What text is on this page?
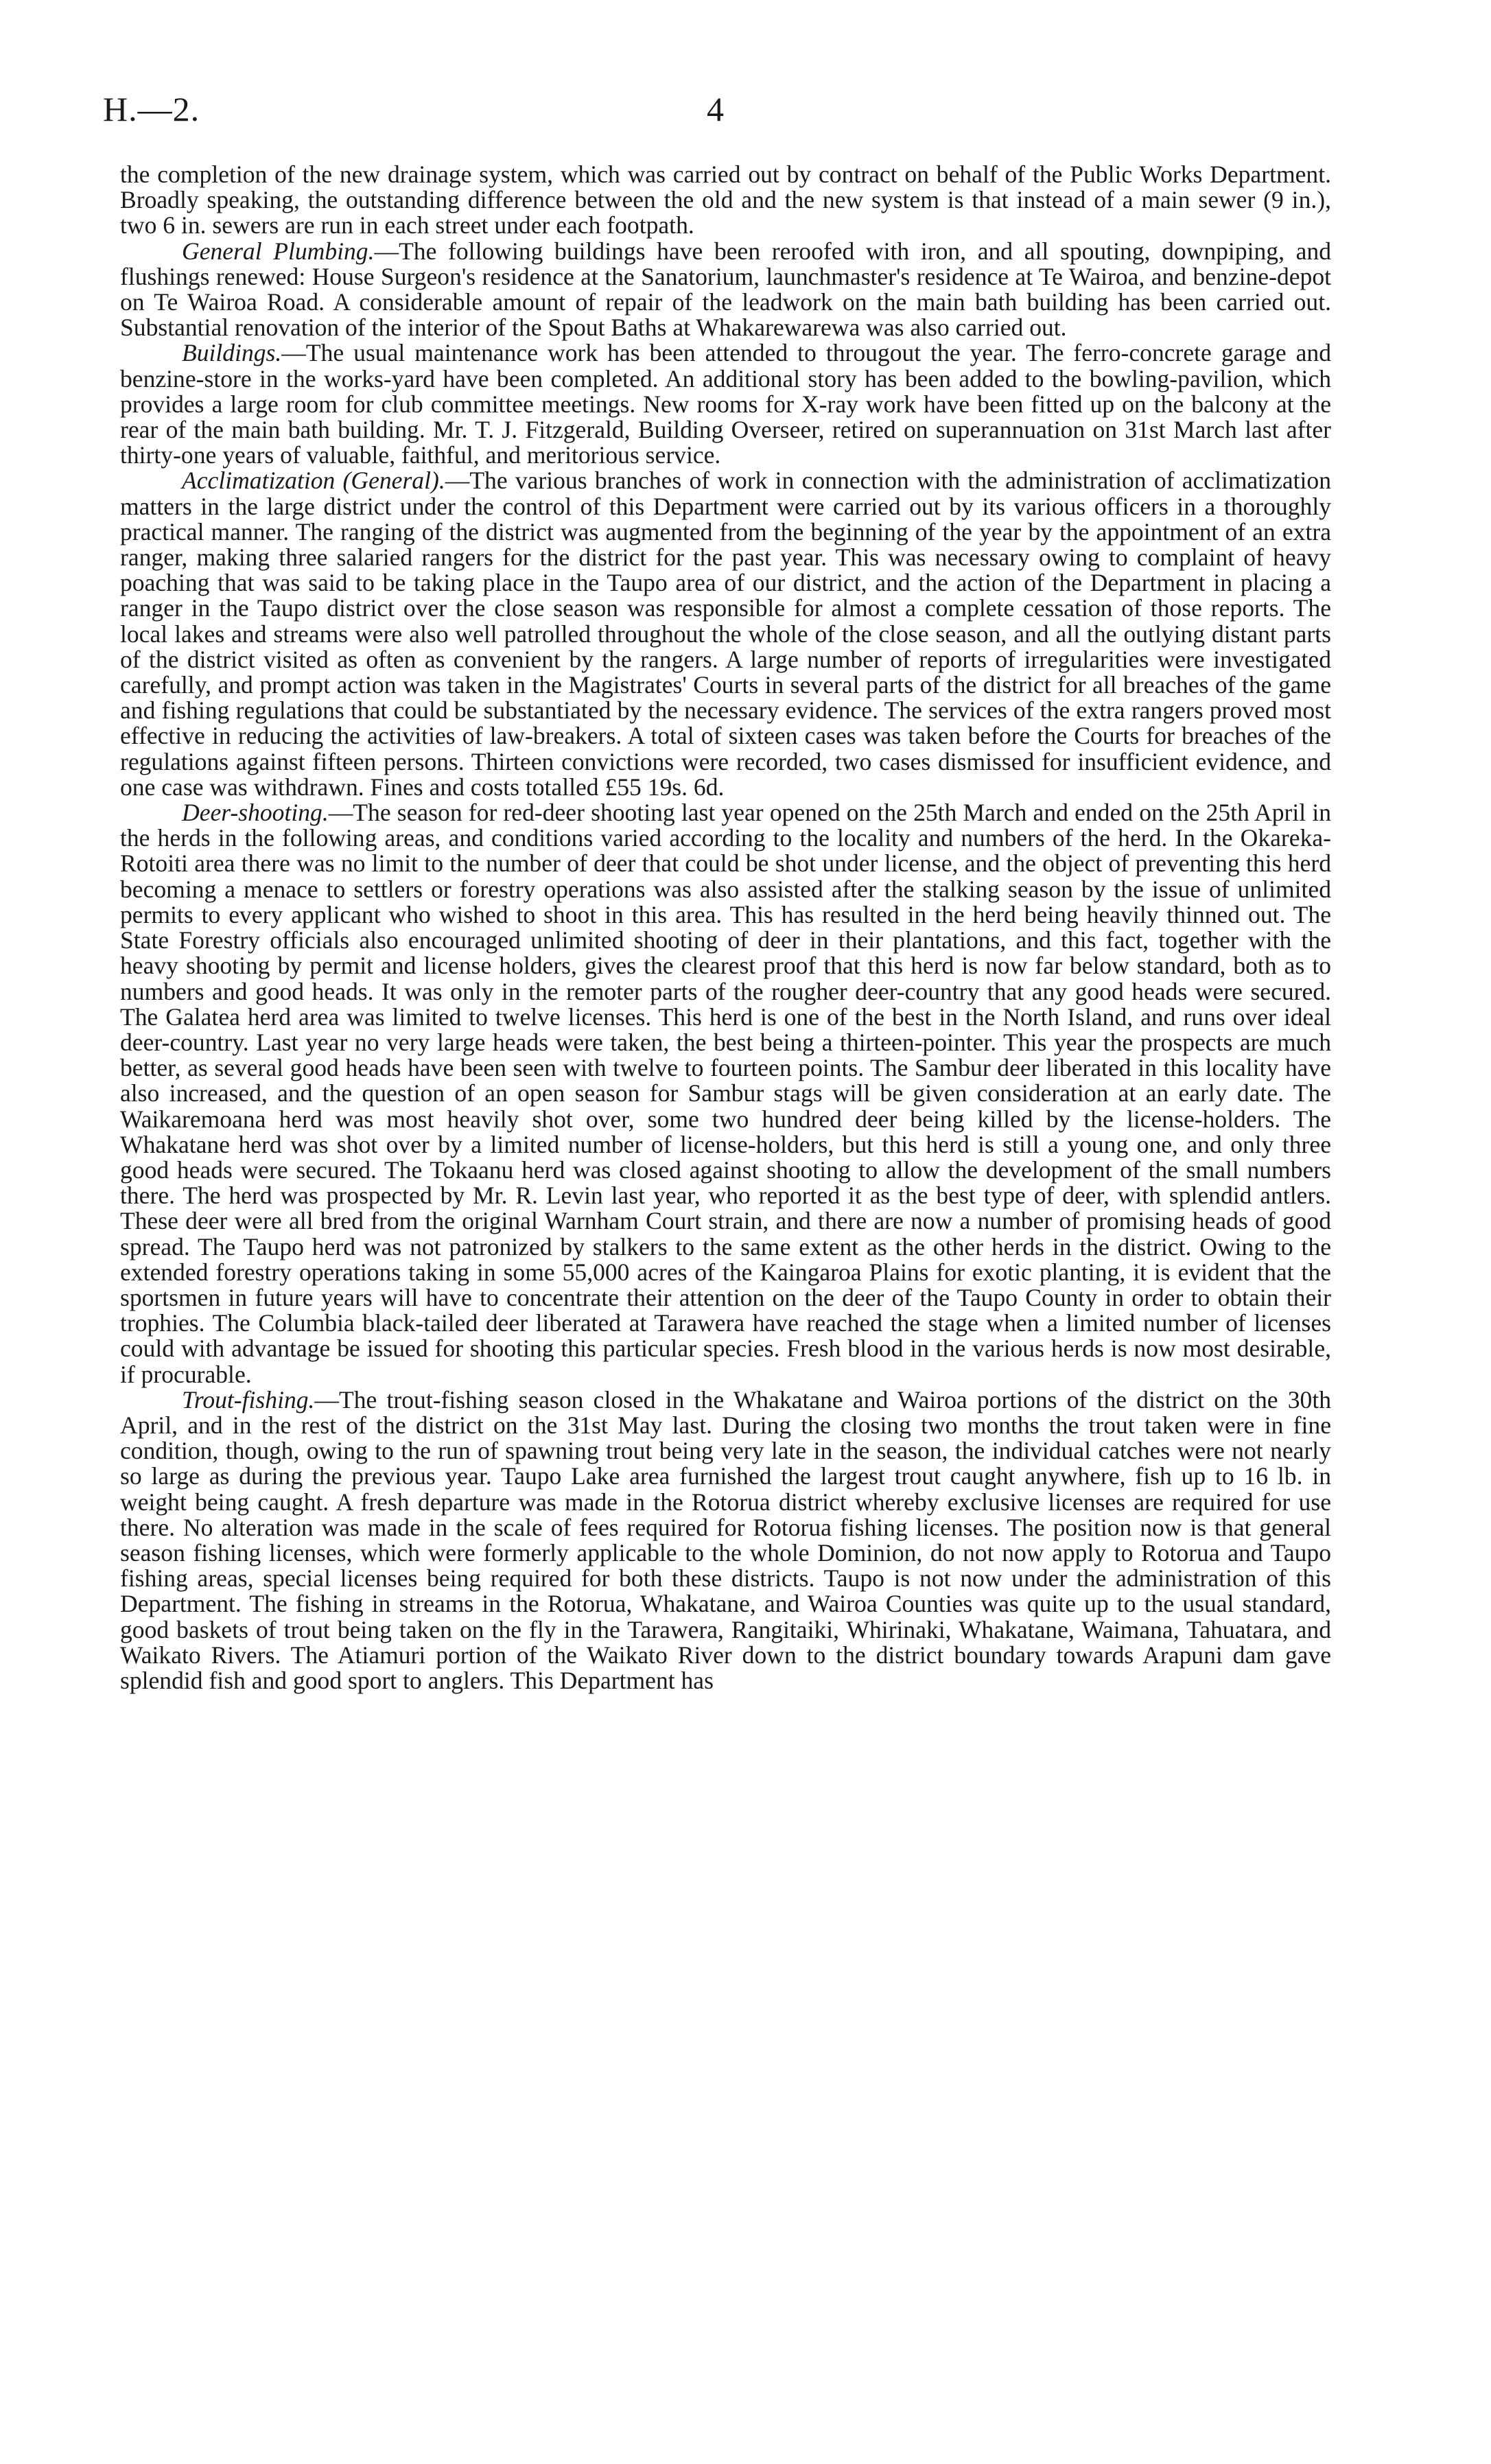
H.—2.	4

the completion of the new drainage system, which was carried out by contract on behalf of the Public Works Department. Broadly speaking, the outstanding difference between the old and the new system is that instead of a main sewer (9 in.), two 6 in. sewers are run in each street under each footpath.

General Plumbing.—The following buildings have been reroofed with iron, and all spouting, downpiping, and flushings renewed: House Surgeon's residence at the Sanatorium, launchmaster's residence at Te Wairoa, and benzine-depot on Te Wairoa Road. A considerable amount of repair of the leadwork on the main bath building has been carried out. Substantial renovation of the interior of the Spout Baths at Whakarewarewa was also carried out.

Buildings.—The usual maintenance work has been attended to througout the year. The ferro-concrete garage and benzine-store in the works-yard have been completed. An additional story has been added to the bowling-pavilion, which provides a large room for club committee meetings. New rooms for X-ray work have been fitted up on the balcony at the rear of the main bath building. Mr. T. J. Fitzgerald, Building Overseer, retired on superannuation on 31st March last after thirty-one years of valuable, faithful, and meritorious service.

Acclimatization (General).—The various branches of work in connection with the administration of acclimatization matters in the large district under the control of this Department were carried out by its various officers in a thoroughly practical manner. The ranging of the district was augmented from the beginning of the year by the appointment of an extra ranger, making three salaried rangers for the district for the past year. This was necessary owing to complaint of heavy poaching that was said to be taking place in the Taupo area of our district, and the action of the Department in placing a ranger in the Taupo district over the close season was responsible for almost a complete cessation of those reports. The local lakes and streams were also well patrolled throughout the whole of the close season, and all the outlying distant parts of the district visited as often as convenient by the rangers. A large number of reports of irregularities were investigated carefully, and prompt action was taken in the Magistrates' Courts in several parts of the district for all breaches of the game and fishing regulations that could be substantiated by the necessary evidence. The services of the extra rangers proved most effective in reducing the activities of law-breakers. A total of sixteen cases was taken before the Courts for breaches of the regulations against fifteen persons. Thirteen convictions were recorded, two cases dismissed for insufficient evidence, and one case was withdrawn. Fines and costs totalled £55 19s. 6d.

Deer-shooting.—The season for red-deer shooting last year opened on the 25th March and ended on the 25th April in the herds in the following areas, and conditions varied according to the locality and numbers of the herd. In the Okareka-Rotoiti area there was no limit to the number of deer that could be shot under license, and the object of preventing this herd becoming a menace to settlers or forestry operations was also assisted after the stalking season by the issue of unlimited permits to every applicant who wished to shoot in this area. This has resulted in the herd being heavily thinned out. The State Forestry officials also encouraged unlimited shooting of deer in their plantations, and this fact, together with the heavy shooting by permit and license holders, gives the clearest proof that this herd is now far below standard, both as to numbers and good heads. It was only in the remoter parts of the rougher deer-country that any good heads were secured. The Galatea herd area was limited to twelve licenses. This herd is one of the best in the North Island, and runs over ideal deer-country. Last year no very large heads were taken, the best being a thirteen-pointer. This year the prospects are much better, as several good heads have been seen with twelve to fourteen points. The Sambur deer liberated in this locality have also increased, and the question of an open season for Sambur stags will be given consideration at an early date. The Waikaremoana herd was most heavily shot over, some two hundred deer being killed by the license-holders. The Whakatane herd was shot over by a limited number of license-holders, but this herd is still a young one, and only three good heads were secured. The Tokaanu herd was closed against shooting to allow the development of the small numbers there. The herd was prospected by Mr. R. Levin last year, who reported it as the best type of deer, with splendid antlers. These deer were all bred from the original Warnham Court strain, and there are now a number of promising heads of good spread. The Taupo herd was not patronized by stalkers to the same extent as the other herds in the district. Owing to the extended forestry operations taking in some 55,000 acres of the Kaingaroa Plains for exotic planting, it is evident that the sportsmen in future years will have to concentrate their attention on the deer of the Taupo County in order to obtain their trophies. The Columbia black-tailed deer liberated at Tarawera have reached the stage when a limited number of licenses could with advantage be issued for shooting this particular species. Fresh blood in the various herds is now most desirable, if procurable.

Trout-fishing.—The trout-fishing season closed in the Whakatane and Wairoa portions of the district on the 30th April, and in the rest of the district on the 31st May last. During the closing two months the trout taken were in fine condition, though, owing to the run of spawning trout being very late in the season, the individual catches were not nearly so large as during the previous year. Taupo Lake area furnished the largest trout caught anywhere, fish up to 16 lb. in weight being caught. A fresh departure was made in the Rotorua district whereby exclusive licenses are required for use there. No alteration was made in the scale of fees required for Rotorua fishing licenses. The position now is that general season fishing licenses, which were formerly applicable to the whole Dominion, do not now apply to Rotorua and Taupo fishing areas, special licenses being required for both these districts. Taupo is not now under the administration of this Department. The fishing in streams in the Rotorua, Whakatane, and Wairoa Counties was quite up to the usual standard, good baskets of trout being taken on the fly in the Tarawera, Rangitaiki, Whirinaki, Whakatane, Waimana, Tahuatara, and Waikato Rivers. The Atiamuri portion of the Waikato River down to the district boundary towards Arapuni dam gave splendid fish and good sport to anglers. This Department has
